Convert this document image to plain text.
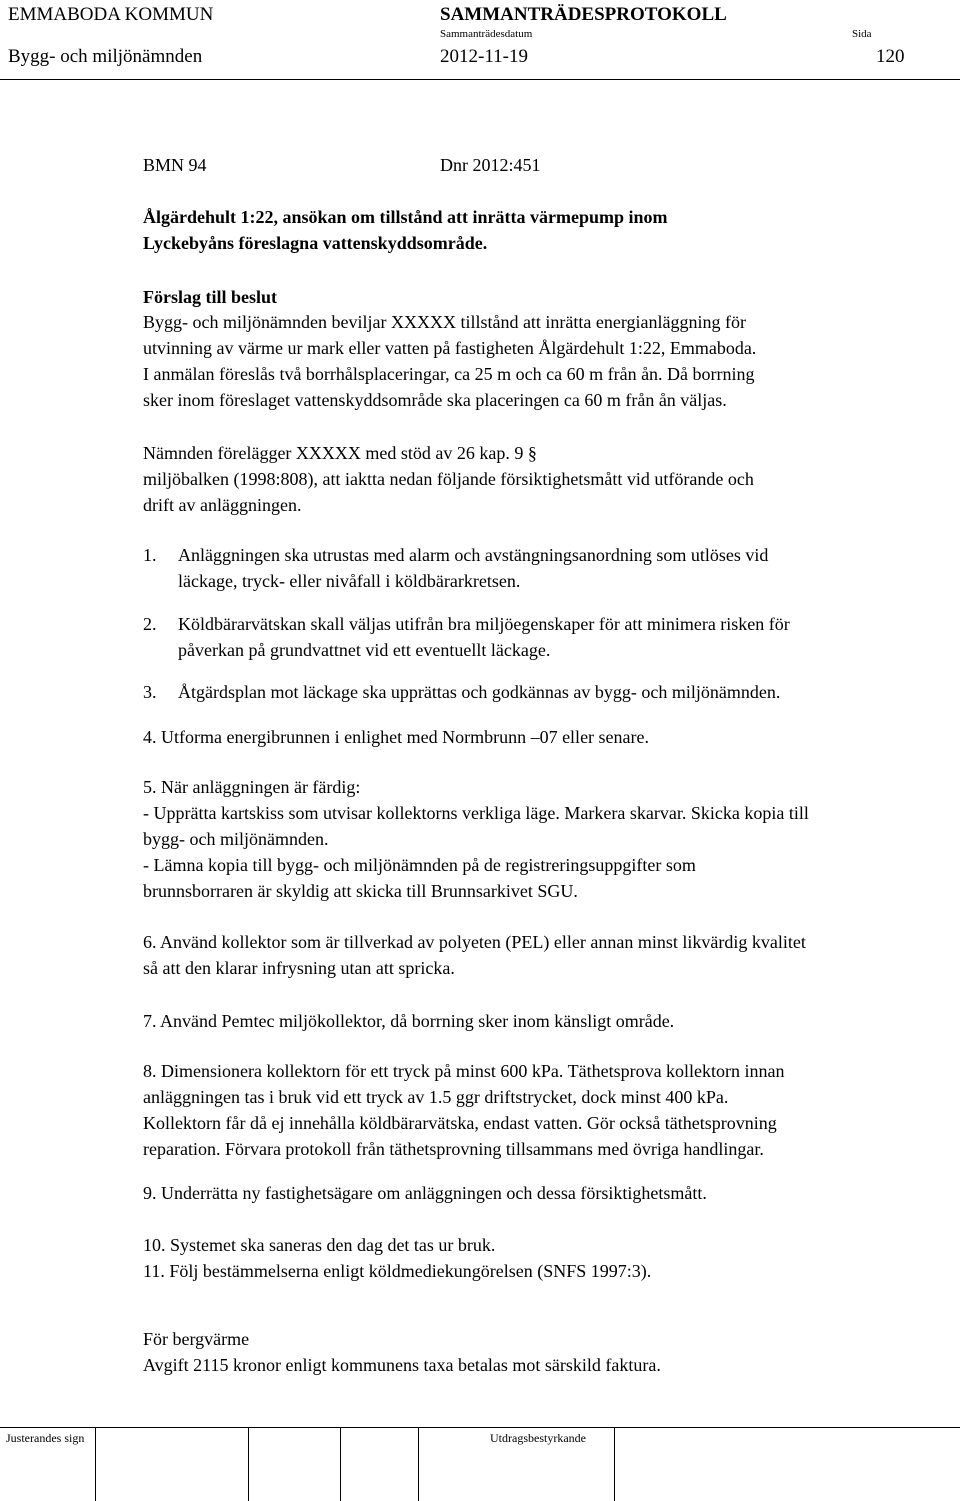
EMMABODA KOMMUN	SAMMANTRÄDESPROTOKOLL
Sammanträdesdatum	Sida
Bygg- och miljönämnden	2012-11-19	120
BMN 94	Dnr 2012:451

Ålgärdehult 1:22, ansökan om tillstånd att inrätta värmepump inom

Lyckebyåns föreslagna vattenskyddsområde.

Förslag till beslut

Bygg- och miljönämnden beviljar XXXXX tillstånd att inrätta energianläggning för

utvinning av värme ur mark eller vatten på fastigheten Ålgärdehult 1:22, Emmaboda.

I anmälan föreslås två borrhålsplaceringar, ca 25 m och ca 60 m från ån. Då borrning

sker inom föreslaget vattenskyddsområde ska placeringen ca 60 m från ån väljas.

Nämnden förelägger XXXXX med stöd av 26 kap. 9 §

miljöbalken (1998:808), att iaktta nedan följande försiktighetsmått vid utförande och

drift av anläggningen.

1. Anläggningen ska utrustas med alarm och avstängningsanordning som utlöses vid

läckage, tryck- eller nivåfall i köldbärarkretsen.

2. Köldbärarvätskan skall väljas utifrån bra miljöegenskaper för att minimera risken för

påverkan på grundvattnet vid ett eventuellt läckage.

3. Åtgärdsplan mot läckage ska upprättas och godkännas av bygg- och miljönämnden.

4. Utforma energibrunnen i enlighet med Normbrunn –07 eller senare.

5. När anläggningen är färdig:

- Upprätta kartskiss som utvisar kollektorns verkliga läge. Markera skarvar. Skicka kopia till

bygg- och miljönämnden.

- Lämna kopia till bygg- och miljönämnden på de registreringsuppgifter som

brunnsborraren är skyldig att skicka till Brunnsarkivet SGU.

6. Använd kollektor som är tillverkad av polyeten (PEL) eller annan minst likvärdig kvalitet

så att den klarar infrysning utan att spricka.

7. Använd Pemtec miljökollektor, då borrning sker inom känsligt område.

8. Dimensionera kollektorn för ett tryck på minst 600 kPa. Täthetsprova kollektorn innan

anläggningen tas i bruk vid ett tryck av 1.5 ggr driftstrycket, dock minst 400 kPa.

Kollektorn får då ej innehålla köldbärarvätska, endast vatten. Gör också täthetsprovning

reparation. Förvara protokoll från täthetsprovning tillsammans med övriga handlingar.

9. Underrätta ny fastighetsägare om anläggningen och dessa försiktighetsmått.

10. Systemet ska saneras den dag det tas ur bruk.

11. Följ bestämmelserna enligt köldmediekungörelsen (SNFS 1997:3).

För bergvärme

Avgift 2115 kronor enligt kommunens taxa betalas mot särskild faktura.

Justerandes sign	Utdragsbestyrkande
